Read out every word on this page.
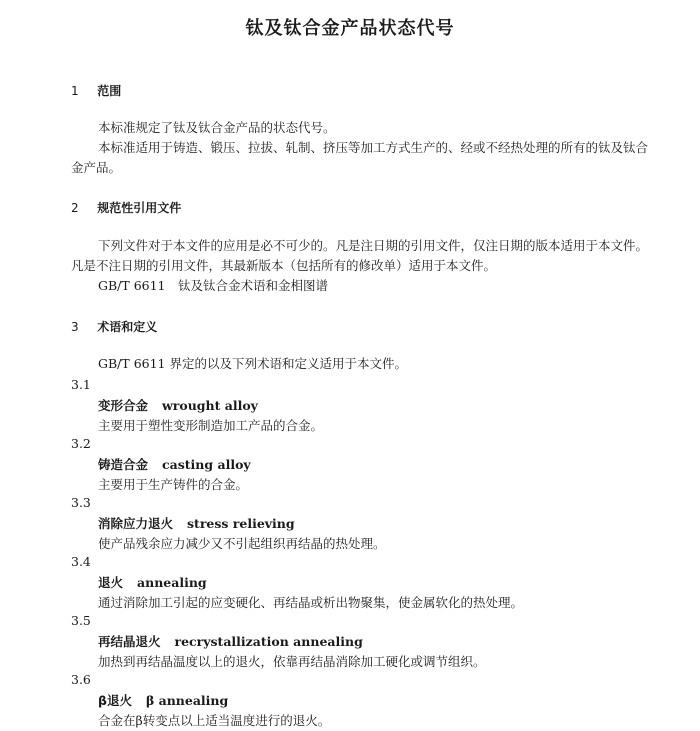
钛及钛合金产品状态代号
1 范围
本标准规定了钛及钛合金产品的状态代号。
本标准适用于铸造、锻压、拉拔、轧制、挤压等加工方式生产的、经或不经热处理的所有的钛及钛合金产品。
2 规范性引用文件
下列文件对于本文件的应用是必不可少的。凡是注日期的引用文件，仅注日期的版本适用于本文件。凡是不注日期的引用文件，其最新版本（包括所有的修改单）适用于本文件。
GB/T 6611 钛及钛合金术语和金相图谱
3 术语和定义
GB/T 6611 界定的以及下列术语和定义适用于本文件。
3.1
变形合金 wrought alloy
主要用于塑性变形制造加工产品的合金。
3.2
铸造合金 casting alloy
主要用于生产铸件的合金。
3.3
消除应力退火 stress relieving
使产品残余应力减少又不引起组织再结晶的热处理。
3.4
退火 annealing
通过消除加工引起的应变硬化、再结晶或析出物聚集，使金属软化的热处理。
3.5
再结晶退火 recrystallization annealing
加热到再结晶温度以上的退火，依靠再结晶消除加工硬化或调节组织。
3.6
β退火 β annealing
合金在β转变点以上适当温度进行的退火。
